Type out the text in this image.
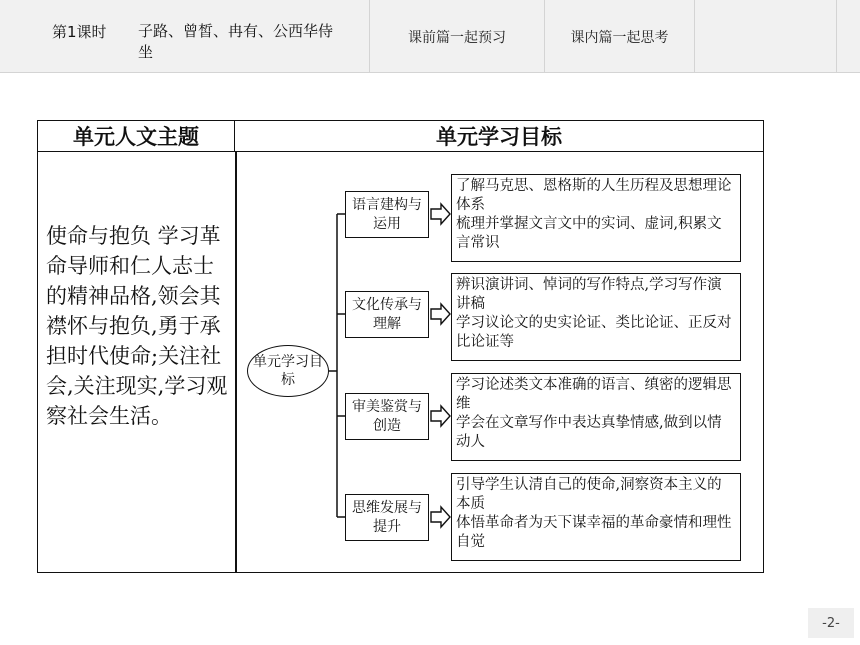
第1课时 子路、曾皙、冉有、公西华侍坐
课前篇一起预习	课内篇一起思考
单元人文主题	单元学习目标
使命与抱负 学习革命导师和仁人志士的精神品格,领会其襟怀与抱负,勇于承担时代使命;关注社会,关注现实,学习观察社会生活。
单元学习目标
语言建构与运用
文化传承与理解
审美鉴赏与创造
思维发展与提升
了解马克思、恩格斯的人生历程及思想理论体系
梳理并掌握文言文中的实词、虚词,积累文言常识
辨识演讲词、悼词的写作特点,学习写作演讲稿
学习议论文的史实论证、类比论证、正反对比论证等
学习论述类文本准确的语言、缜密的逻辑思维
学会在文章写作中表达真挚情感,做到以情动人
引导学生认清自己的使命,洞察资本主义的本质
体悟革命者为天下谋幸福的革命豪情和理性自觉
-2-
